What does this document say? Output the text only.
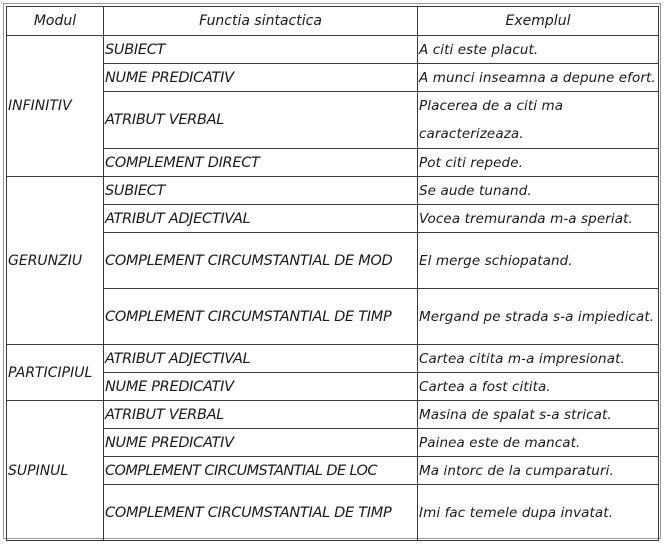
Modul	Functia sintactica	Exemplul
INFINITIV	SUBIECT	A citi este placut.
	NUME PREDICATIV	A munci inseamna a depune efort.
	ATRIBUT VERBAL	Placerea de a citi ma caracterizeaza.
	COMPLEMENT DIRECT	Pot citi repede.
GERUNZIU	SUBIECT	Se aude tunand.
	ATRIBUT ADJECTIVAL	Vocea tremuranda m-a speriat.
	COMPLEMENT CIRCUMSTANTIAL DE MOD	El merge schiopatand.
	COMPLEMENT CIRCUMSTANTIAL DE TIMP	Mergand pe strada s-a impiedicat.
PARTICIPIUL	ATRIBUT ADJECTIVAL	Cartea citita m-a impresionat.
	NUME PREDICATIV	Cartea a fost citita.
SUPINUL	ATRIBUT VERBAL	Masina de spalat s-a stricat.
	NUME PREDICATIV	Painea este de mancat.
	COMPLEMENT CIRCUMSTANTIAL DE LOC	Ma intorc de la cumparaturi.
	COMPLEMENT CIRCUMSTANTIAL DE TIMP	Imi fac temele dupa invatat.
